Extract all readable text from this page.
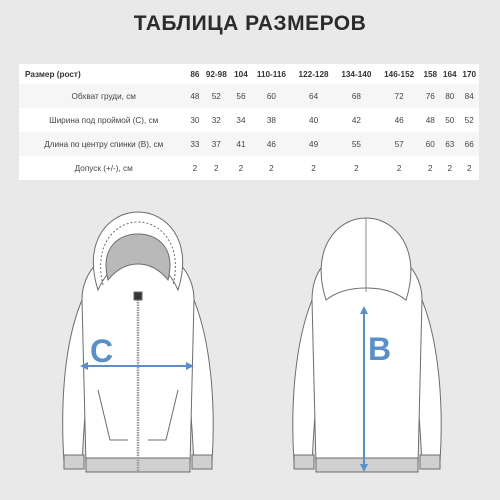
ТАБЛИЦА РАЗМЕРОВ
Размер (рост)	86	92-98	104	110-116	122-128	134-140	146-152	158	164	170
Обхват груди, см	48	52	56	60	64	68	72	76	80	84
Ширина под проймой (С), см	30	32	34	38	40	42	46	48	50	52
Длина по центру спинки (В), см	33	37	41	46	49	55	57	60	63	66
Допуск (+/-), см	2	2	2	2	2	2	2	2	2	2
C	B
